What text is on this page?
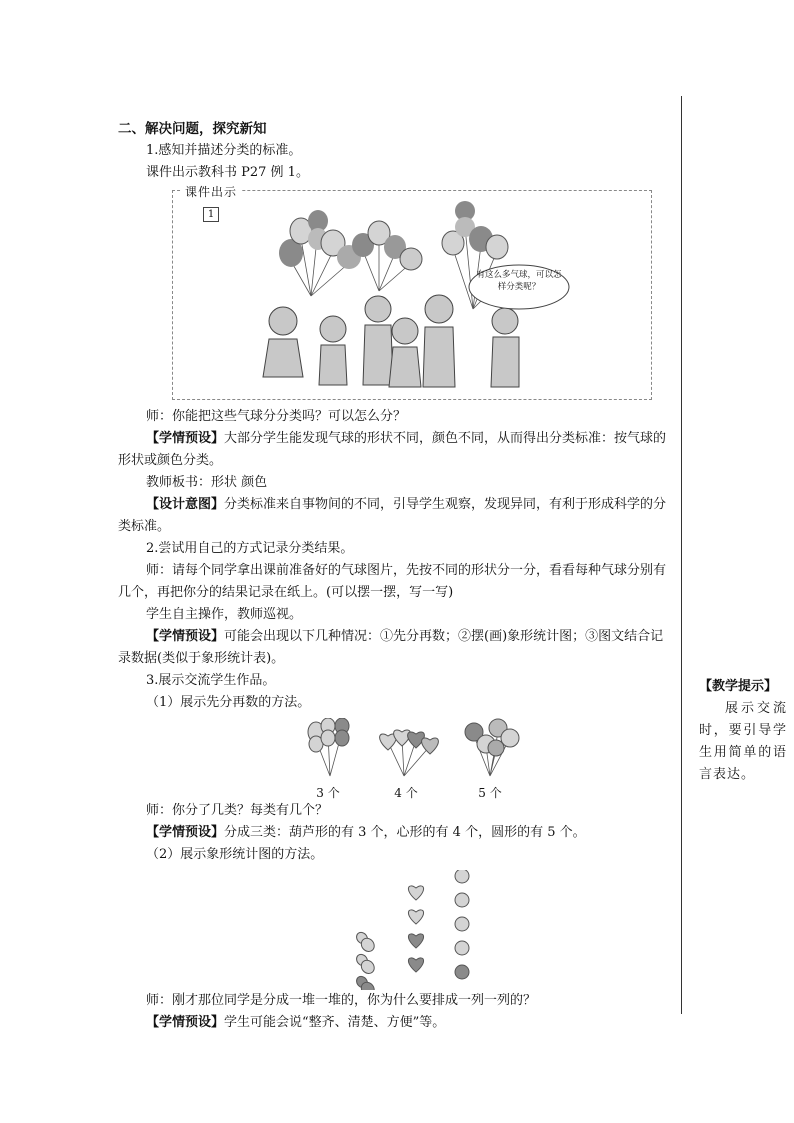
二、解决问题，探究新知

1.感知并描述分类的标准。

课件出示教科书 P27 例 1。

课件出示
1
有这么多气球，可以怎样分类呢？

师：你能把这些气球分分类吗？可以怎么分？

【学情预设】大部分学生能发现气球的形状不同，颜色不同，从而得出分类标准：按气球的形状或颜色分类。

教师板书：形状 颜色

【设计意图】分类标准来自事物间的不同，引导学生观察，发现异同，有利于形成科学的分类标准。

2.尝试用自己的方式记录分类结果。

师：请每个同学拿出课前准备好的气球图片，先按不同的形状分一分，看看每种气球分别有几个，再把你分的结果记录在纸上。(可以摆一摆，写一写)

学生自主操作，教师巡视。

【学情预设】可能会出现以下几种情况：①先分再数；②摆(画)象形统计图；③图文结合记录数据(类似于象形统计表)。

3.展示交流学生作品。

（1）展示先分再数的方法。

3 个	4 个	5 个

师：你分了几类？每类有几个？

【学情预设】分成三类：葫芦形的有 3 个，心形的有 4 个，圆形的有 5 个。

（2）展示象形统计图的方法。

师：刚才那位同学是分成一堆一堆的，你为什么要排成一列一列的？

【学情预设】学生可能会说“整齐、清楚、方便”等。

【教学提示】
展示交流时，要引导学生用简单的语言表达。
